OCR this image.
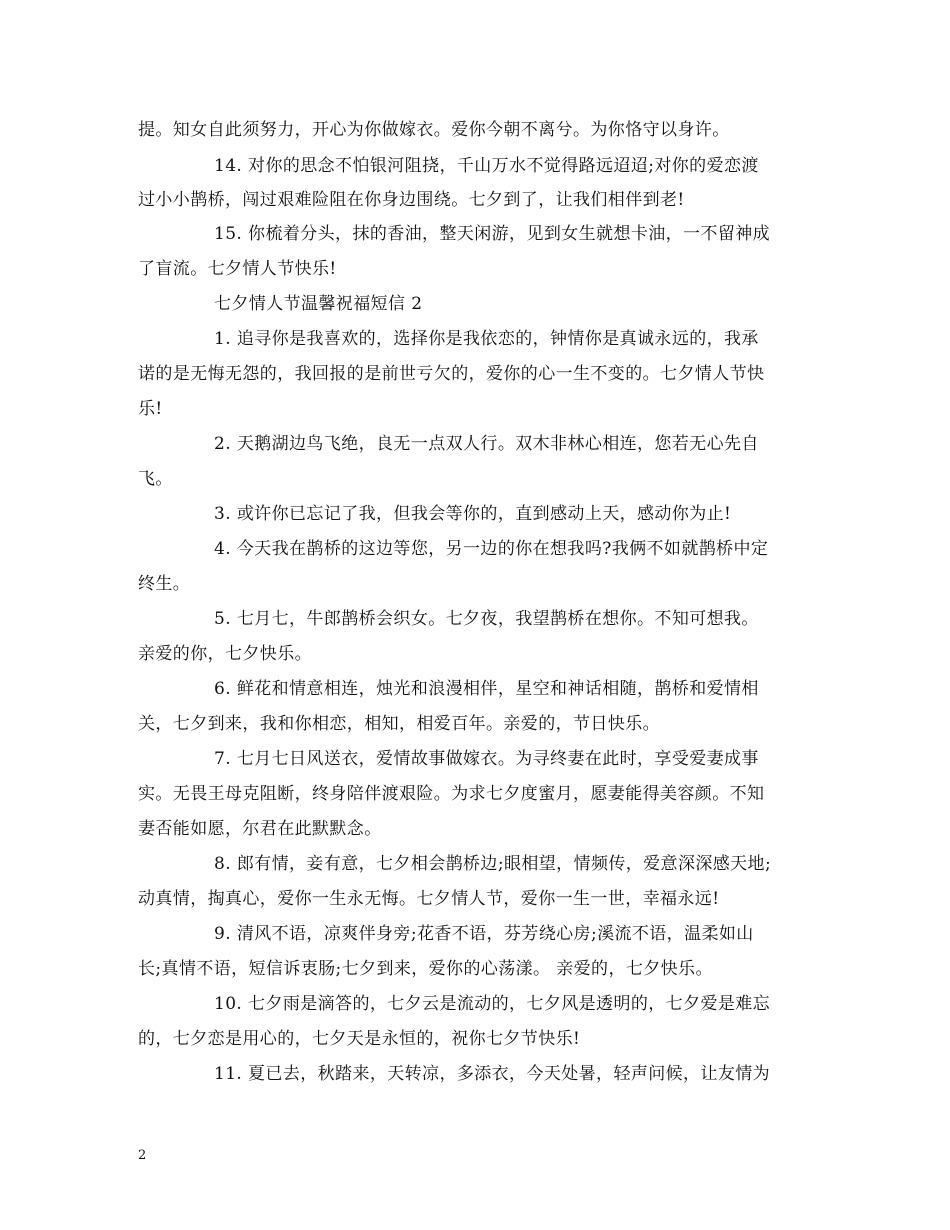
提。知女自此须努力，开心为你做嫁衣。爱你今朝不离兮。为你恪守以身许。
14. 对你的思念不怕银河阻挠，千山万水不觉得路远迢迢;对你的爱恋渡
过小小鹊桥，闯过艰难险阻在你身边围绕。七夕到了，让我们相伴到老!
15. 你梳着分头，抹的香油，整天闲游，见到女生就想卡油，一不留神成
了盲流。七夕情人节快乐!
七夕情人节温馨祝福短信 2
1. 追寻你是我喜欢的，选择你是我依恋的，钟情你是真诚永远的，我承
诺的是无悔无怨的，我回报的是前世亏欠的，爱你的心一生不变的。七夕情人节快
乐!
2. 天鹅湖边鸟飞绝，良无一点双人行。双木非林心相连，您若无心先自
飞。
3. 或许你已忘记了我，但我会等你的，直到感动上天，感动你为止!
4. 今天我在鹊桥的这边等您，另一边的你在想我吗?我俩不如就鹊桥中定
终生。
5. 七月七，牛郎鹊桥会织女。七夕夜，我望鹊桥在想你。不知可想我。
亲爱的你，七夕快乐。
6. 鲜花和情意相连，烛光和浪漫相伴，星空和神话相随，鹊桥和爱情相
关，七夕到来，我和你相恋，相知，相爱百年。亲爱的，节日快乐。
7. 七月七日风送衣，爱情故事做嫁衣。为寻终妻在此时，享受爱妻成事
实。无畏王母克阻断，终身陪伴渡艰险。为求七夕度蜜月，愿妻能得美容颜。不知
妻否能如愿，尔君在此默默念。
8. 郎有情，妾有意，七夕相会鹊桥边;眼相望，情频传，爱意深深感天地;
动真情，掏真心，爱你一生永无悔。七夕情人节，爱你一生一世，幸福永远!
9. 清风不语，凉爽伴身旁;花香不语，芬芳绕心房;溪流不语，温柔如山
长;真情不语，短信诉衷肠;七夕到来，爱你的心荡漾。 亲爱的，七夕快乐。
10. 七夕雨是滴答的，七夕云是流动的，七夕风是透明的，七夕爱是难忘
的，七夕恋是用心的，七夕天是永恒的，祝你七夕节快乐!
11. 夏已去，秋踏来，天转凉，多添衣，今天处暑，轻声问候，让友情为
2
